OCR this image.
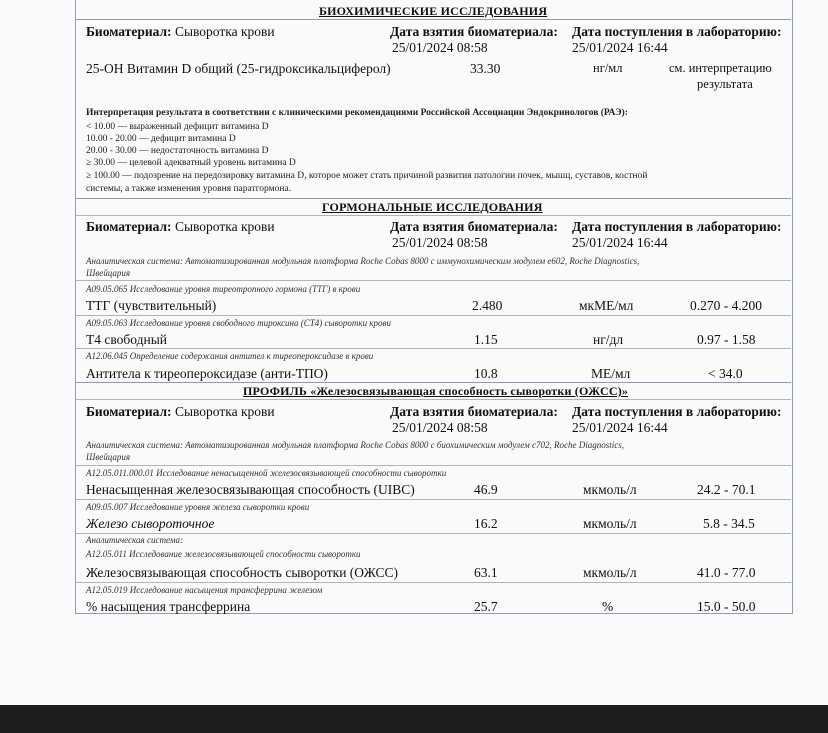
БИОХИМИЧЕСКИЕ ИССЛЕДОВАНИЯ
Биоматериал: Сыворотка крови	Дата взятия биоматериала:
25/01/2024 08:58
Дата поступления в лабораторию:
25/01/2024 16:44
25-OH Витамин D общий (25-гидроксикальциферол)	33.30	нг/мл	см. интерпретацию
результата
Интерпретация результата в соответствии с клиническими рекомендациями Российской Ассоциации Эндокринологов (РАЭ):
< 10.00 — выраженный дефицит витамина D
10.00 - 20.00 — дефицит витамина D
20.00 - 30.00 — недостаточность витамина D
≥ 30.00 — целевой адекватный уровень витамина D
≥ 100.00 — подозрение на передозировку витамина D, которое может стать причиной развития патологии почек, мышц, суставов, костной
системы, а также изменения уровня паратгормона.
ГОРМОНАЛЬНЫЕ ИССЛЕДОВАНИЯ
Биоматериал: Сыворотка крови	Дата взятия биоматериала:
25/01/2024 08:58
Дата поступления в лабораторию:
25/01/2024 16:44
Аналитическая система: Автоматизированная модульная платформа Roche Cobas 8000 с иммунохимическим модулем e602, Roche Diagnostics,
Швейцария
A09.05.065 Исследование уровня тиреотропного гормона (ТТГ) в крови
ТТГ (чувствительный)	2.480	мкМЕ/мл	0.270 - 4.200
A09.05.063 Исследование уровня свободного тироксина (СТ4) сыворотки крови
Т4 свободный	1.15	нг/дл	0.97 - 1.58
A12.06.045 Определение содержания антител к тиреопероксидазе в крови
Антитела к тиреопероксидазе (анти-ТПО)	10.8	МЕ/мл	< 34.0
ПРОФИЛЬ «Железосвязывающая способность сыворотки (ОЖСС)»
Биоматериал: Сыворотка крови	Дата взятия биоматериала:
25/01/2024 08:58
Дата поступления в лабораторию:
25/01/2024 16:44
Аналитическая система: Автоматизированная модульная платформа Roche Cobas 8000 с биохимическим модулем с702, Roche Diagnostics,
Швейцария
A12.05.011.000.01 Исследование ненасыщенной железосвязывающей способности сыворотки
Ненасыщенная железосвязывающая способность (UIBC)	46.9	мкмоль/л	24.2 - 70.1
A09.05.007 Исследование уровня железа сыворотки крови
Железо сывороточное	16.2	мкмоль/л	5.8 - 34.5
Аналитическая система:
A12.05.011 Исследование железосвязывающей способности сыворотки
Железосвязывающая способность сыворотки (ОЖСС)	63.1	мкмоль/л	41.0 - 77.0
A12.05.019 Исследование насыщения трансферрина железом
% насыщения трансферрина	25.7	%	15.0 - 50.0
